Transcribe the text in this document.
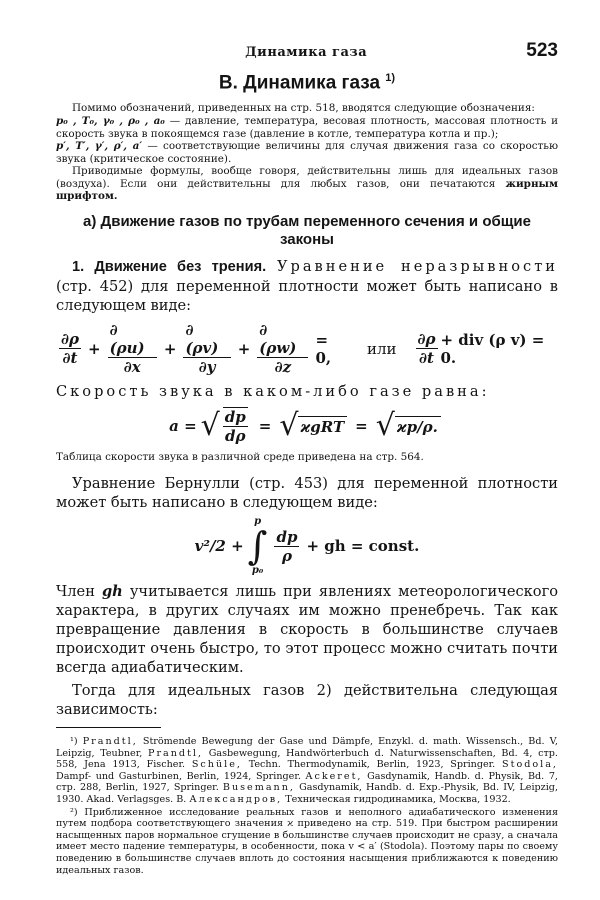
Динамика газа	523
B. Динамика газа $^{1)}$

Помимо обозначений, приведенных на стр. 518, вводятся следующие обозначения:

p₀ , T₀, γ₀ , ρ₀ , a₀ — давление, температура, весовая плотность, массовая плотность и скорость звука в покоящемся газе (давление в котле, температура котла и пр.);

p′, T′, γ′, ρ′, a′ — соответствующие величины для случая движения газа со скоростью звука (критическое состояние).

Приводимые формулы, вообще говоря, действительны лишь для идеальных газов (воздуха). Если они действительны для любых газов, они печатаются жирным шрифтом.

а) Движение газов по трубам переменного сечения и общие законы

1. Движение без трения. Уравнение неразрывности (стр. 452) для переменной плотности может быть написано в следующем виде:

$\frac{\partial\rho}{\partial t} + \frac{\partial (\rho u)}{\partial x} + \frac{\partial (\rho v)}{\partial y} + \frac{\partial (\rho w)}{\partial z} = 0$,	или $\frac{\partial\rho}{\partial t}$ + div (ρ v) = 0.

Скорость звука в каком-либо газе равна:

a = √ $\frac{dp}{d\rho}$ = √ ϰgRT = √ ϰp/ρ.

Таблица скорости звука в различной среде приведена на стр. 564.

Уравнение Бернулли (стр. 453) для переменной плотности может быть написано в следующем виде:

v²/2 +
p
∫
p₀
$\frac{dp}{\rho}$ + gh = const.

Член gh учитывается лишь при явлениях метеорологического характера, в других случаях им можно пренебречь. Так как превращение давления в скорость в большинстве случаев происходит очень быстро, то этот процесс можно считать почти всегда адиабатическим.

Тогда для идеальных газов 2) действительна следующая зависимость:

¹) Prandtl, Strömende Bewegung der Gase und Dämpfe, Enzykl. d. math. Wissensch., Bd. V, Leipzig, Teubner, Prandtl, Gasbewegung, Handwörterbuch d. Naturwissenschaften, Bd. 4, стр. 558, Jena 1913, Fischer. Schüle, Techn. Thermodynamik, Berlin, 1923, Springer. Stodola, Dampf- und Gasturbinen, Berlin, 1924, Springer. Ackeret, Gasdynamik, Handb. d. Physik, Bd. 7, стр. 288, Berlin, 1927, Springer. Busemann, Gasdynamik, Handb. d. Exp.-Physik, Bd. IV, Leipzig, 1930. Akad. Verlagsges. B. Александров, Техническая гидродинамика, Москва, 1932.

²) Приближенное исследование реальных газов и неполного адиабатического изменения путем подбора соответствующего значения ϰ приведено на стр. 519. При быстром расширении насыщенных паров нормальное сгущение в большинстве случаев происходит не сразу, а сначала имеет место падение температуры, в особенности, пока v < a′ (Stodola). Поэтому пары по своему поведению в большинстве случаев вплоть до состояния насыщения приближаются к поведению идеальных газов.
